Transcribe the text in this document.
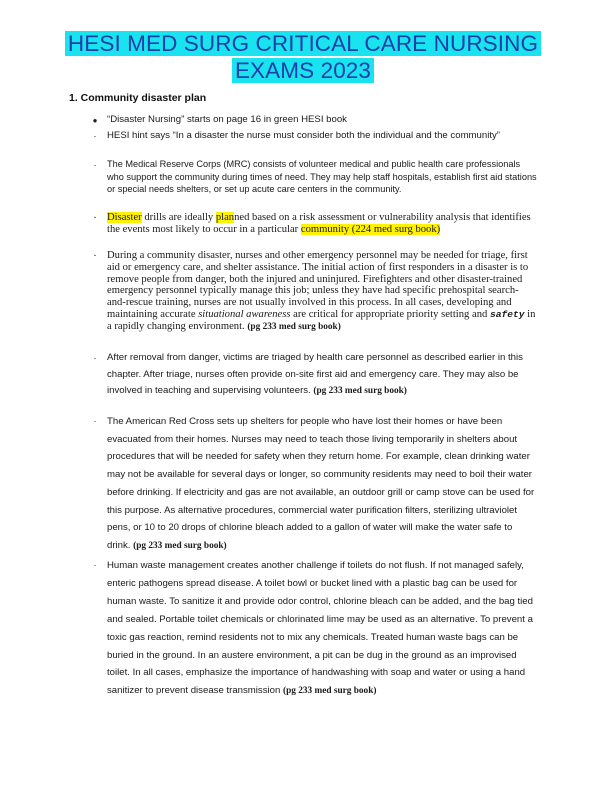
HESI MED SURG CRITICAL CARE NURSING
EXAMS 2023
1. Community disaster plan
● “Disaster Nursing” starts on page 16 in green HESI book
·	HESI hint says “In a disaster the nurse must consider both the individual and the community”
·	The Medical Reserve Corps (MRC) consists of volunteer medical and public health care professionals who support the community during times of need. They may help staff hospitals, establish first aid stations or special needs shelters, or set up acute care centers in the community.
· Disaster drills are ideally planned based on a risk assessment or vulnerability analysis that identifies the events most likely to occur in a particular community (224 med surg book)
· During a community disaster, nurses and other emergency personnel may be needed for triage, first aid or emergency care, and shelter assistance. The initial action of first responders in a disaster is to remove people from danger, both the injured and uninjured. Firefighters and other disaster-trained emergency personnel typically manage this job; unless they have had specific prehospital search-and-rescue training, nurses are not usually involved in this process. In all cases, developing and maintaining accurate situational awareness are critical for appropriate priority setting and safety in a rapidly changing environment. (pg 233 med surg book)
·	After removal from danger, victims are triaged by health care personnel as described earlier in this chapter. After triage, nurses often provide on-site first aid and emergency care. They may also be involved in teaching and supervising volunteers. (pg 233 med surg book)
·	The American Red Cross sets up shelters for people who have lost their homes or have been evacuated from their homes. Nurses may need to teach those living temporarily in shelters about procedures that will be needed for safety when they return home. For example, clean drinking water may not be available for several days or longer, so community residents may need to boil their water before drinking. If electricity and gas are not available, an outdoor grill or camp stove can be used for this purpose. As alternative procedures, commercial water purification filters, sterilizing ultraviolet pens, or 10 to 20 drops of chlorine bleach added to a gallon of water will make the water safe to drink. (pg 233 med surg book)
·	Human waste management creates another challenge if toilets do not flush. If not managed safely, enteric pathogens spread disease. A toilet bowl or bucket lined with a plastic bag can be used for human waste. To sanitize it and provide odor control, chlorine bleach can be added, and the bag tied and sealed. Portable toilet chemicals or chlorinated lime may be used as an alternative. To prevent a toxic gas reaction, remind residents not to mix any chemicals. Treated human waste bags can be buried in the ground. In an austere environment, a pit can be dug in the ground as an improvised toilet. In all cases, emphasize the importance of handwashing with soap and water or using a hand sanitizer to prevent disease transmission (pg 233 med surg book)
